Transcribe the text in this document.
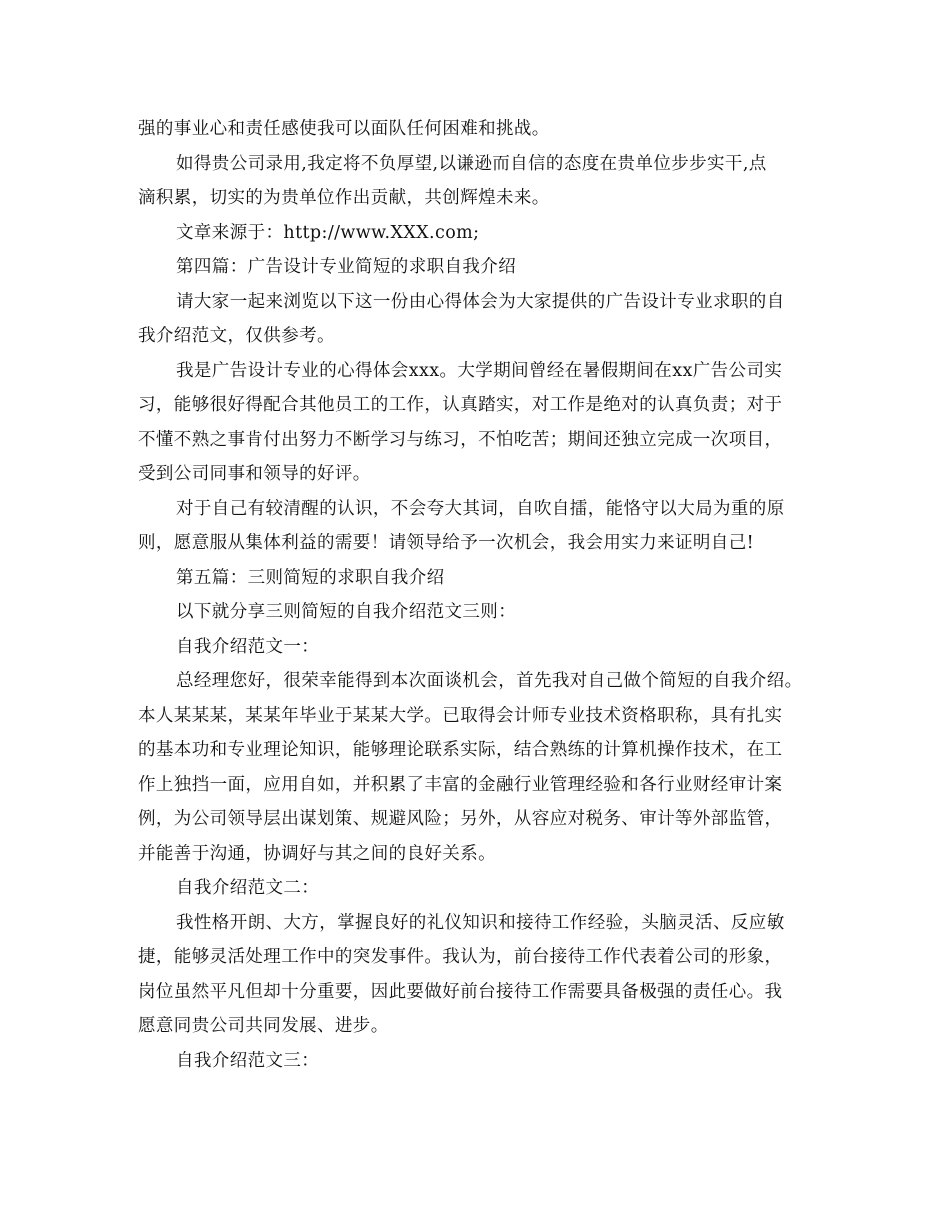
强的事业心和责任感使我可以面队任何困难和挑战。
如得贵公司录用,我定将不负厚望,以谦逊而自信的态度在贵单位步步实干,点
滴积累，切实的为贵单位作出贡献，共创辉煌未来。
文章来源于：http://www.XXX.com;
第四篇：广告设计专业简短的求职自我介绍
请大家一起来浏览以下这一份由心得体会为大家提供的广告设计专业求职的自
我介绍范文，仅供参考。
我是广告设计专业的心得体会xxx。大学期间曾经在暑假期间在xx广告公司实
习，能够很好得配合其他员工的工作，认真踏实，对工作是绝对的认真负责；对于
不懂不熟之事肯付出努力不断学习与练习，不怕吃苦；期间还独立完成一次项目，
受到公司同事和领导的好评。
对于自己有较清醒的认识，不会夸大其词，自吹自擂，能恪守以大局为重的原
则，愿意服从集体利益的需要！请领导给予一次机会，我会用实力来证明自己!
第五篇：三则简短的求职自我介绍
以下就分享三则简短的自我介绍范文三则：
自我介绍范文一：
总经理您好，很荣幸能得到本次面谈机会，首先我对自己做个简短的自我介绍。
本人某某某，某某年毕业于某某大学。已取得会计师专业技术资格职称，具有扎实
的基本功和专业理论知识，能够理论联系实际，结合熟练的计算机操作技术，在工
作上独挡一面，应用自如，并积累了丰富的金融行业管理经验和各行业财经审计案
例，为公司领导层出谋划策、规避风险；另外，从容应对税务、审计等外部监管，
并能善于沟通，协调好与其之间的良好关系。
自我介绍范文二：
我性格开朗、大方，掌握良好的礼仪知识和接待工作经验，头脑灵活、反应敏
捷，能够灵活处理工作中的突发事件。我认为，前台接待工作代表着公司的形象，
岗位虽然平凡但却十分重要，因此要做好前台接待工作需要具备极强的责任心。我
愿意同贵公司共同发展、进步。
自我介绍范文三：
